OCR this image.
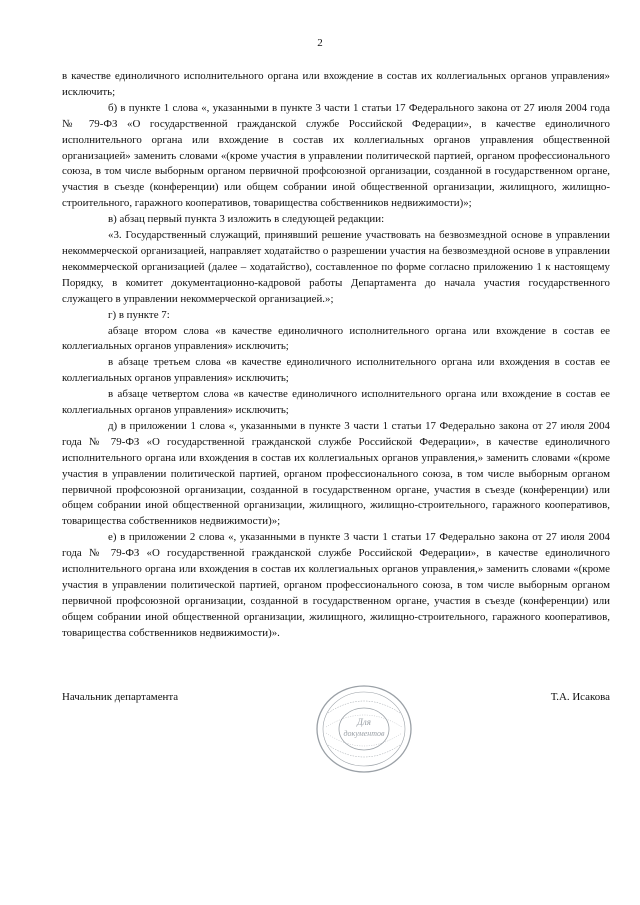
2

в качестве единоличного исполнительного органа или вхождение в состав их коллегиальных органов управления» исключить;

б) в пункте 1 слова «, указанными в пункте 3 части 1 статьи 17 Федерального закона от 27 июля 2004 года № 79-ФЗ «О государственной гражданской службе Российской Федерации», в качестве единоличного исполнительного органа или вхождение в состав их коллегиальных органов управления общественной организацией» заменить словами «(кроме участия в управлении политической партией, органом профессионального союза, в том числе выборным органом первичной профсоюзной организации, созданной в государственном органе, участия в съезде (конференции) или общем собрании иной общественной организации, жилищного, жилищно-строительного, гаражного кооперативов, товарищества собственников недвижимости)»;

в) абзац первый пункта 3 изложить в следующей редакции:

«3. Государственный служащий, принявший решение участвовать на безвозмездной основе в управлении некоммерческой организацией, направляет ходатайство о разрешении участия на безвозмездной основе в управлении некоммерческой организацией (далее – ходатайство), составленное по форме согласно приложению 1 к настоящему Порядку, в комитет документационно-кадровой работы Департамента до начала участия государственного служащего в управлении некоммерческой организацией.»;

г) в пункте 7:

абзаце втором слова «в качестве единоличного исполнительного органа или вхождение в состав ее коллегиальных органов управления» исключить;

в абзаце третьем слова «в качестве единоличного исполнительного органа или вхождения в состав ее коллегиальных органов управления» исключить;

в абзаце четвертом слова «в качестве единоличного исполнительного органа или вхождение в состав ее коллегиальных органов управления» исключить;

д) в приложении 1 слова «, указанными в пункте 3 части 1 статьи 17 Федерально закона от 27 июля 2004 года № 79-ФЗ «О государственной гражданской службе Российской Федерации», в качестве единоличного исполнительного органа или вхождения в состав их коллегиальных органов управления,» заменить словами «(кроме участия в управлении политической партией, органом профессионального союза, в том числе выборным органом первичной профсоюзной организации, созданной в государственном органе, участия в съезде (конференции) или общем собрании иной общественной организации, жилищного, жилищно-строительного, гаражного кооперативов, товарищества собственников недвижимости)»;

е) в приложении 2 слова «, указанными в пункте 3 части 1 статьи 17 Федерально закона от 27 июля 2004 года № 79-ФЗ «О государственной гражданской службе Российской Федерации», в качестве единоличного исполнительного органа или вхождения в состав их коллегиальных органов управления,» заменить словами «(кроме участия в управлении политической партией, органом профессионального союза, в том числе выборным органом первичной профсоюзной организации, созданной в государственном органе, участия в съезде (конференции) или общем собрании иной общественной организации, жилищного, жилищно-строительного, гаражного кооперативов, товарищества собственников недвижимости)».

Начальник департамента	Т.А. Исакова
Для
документов
